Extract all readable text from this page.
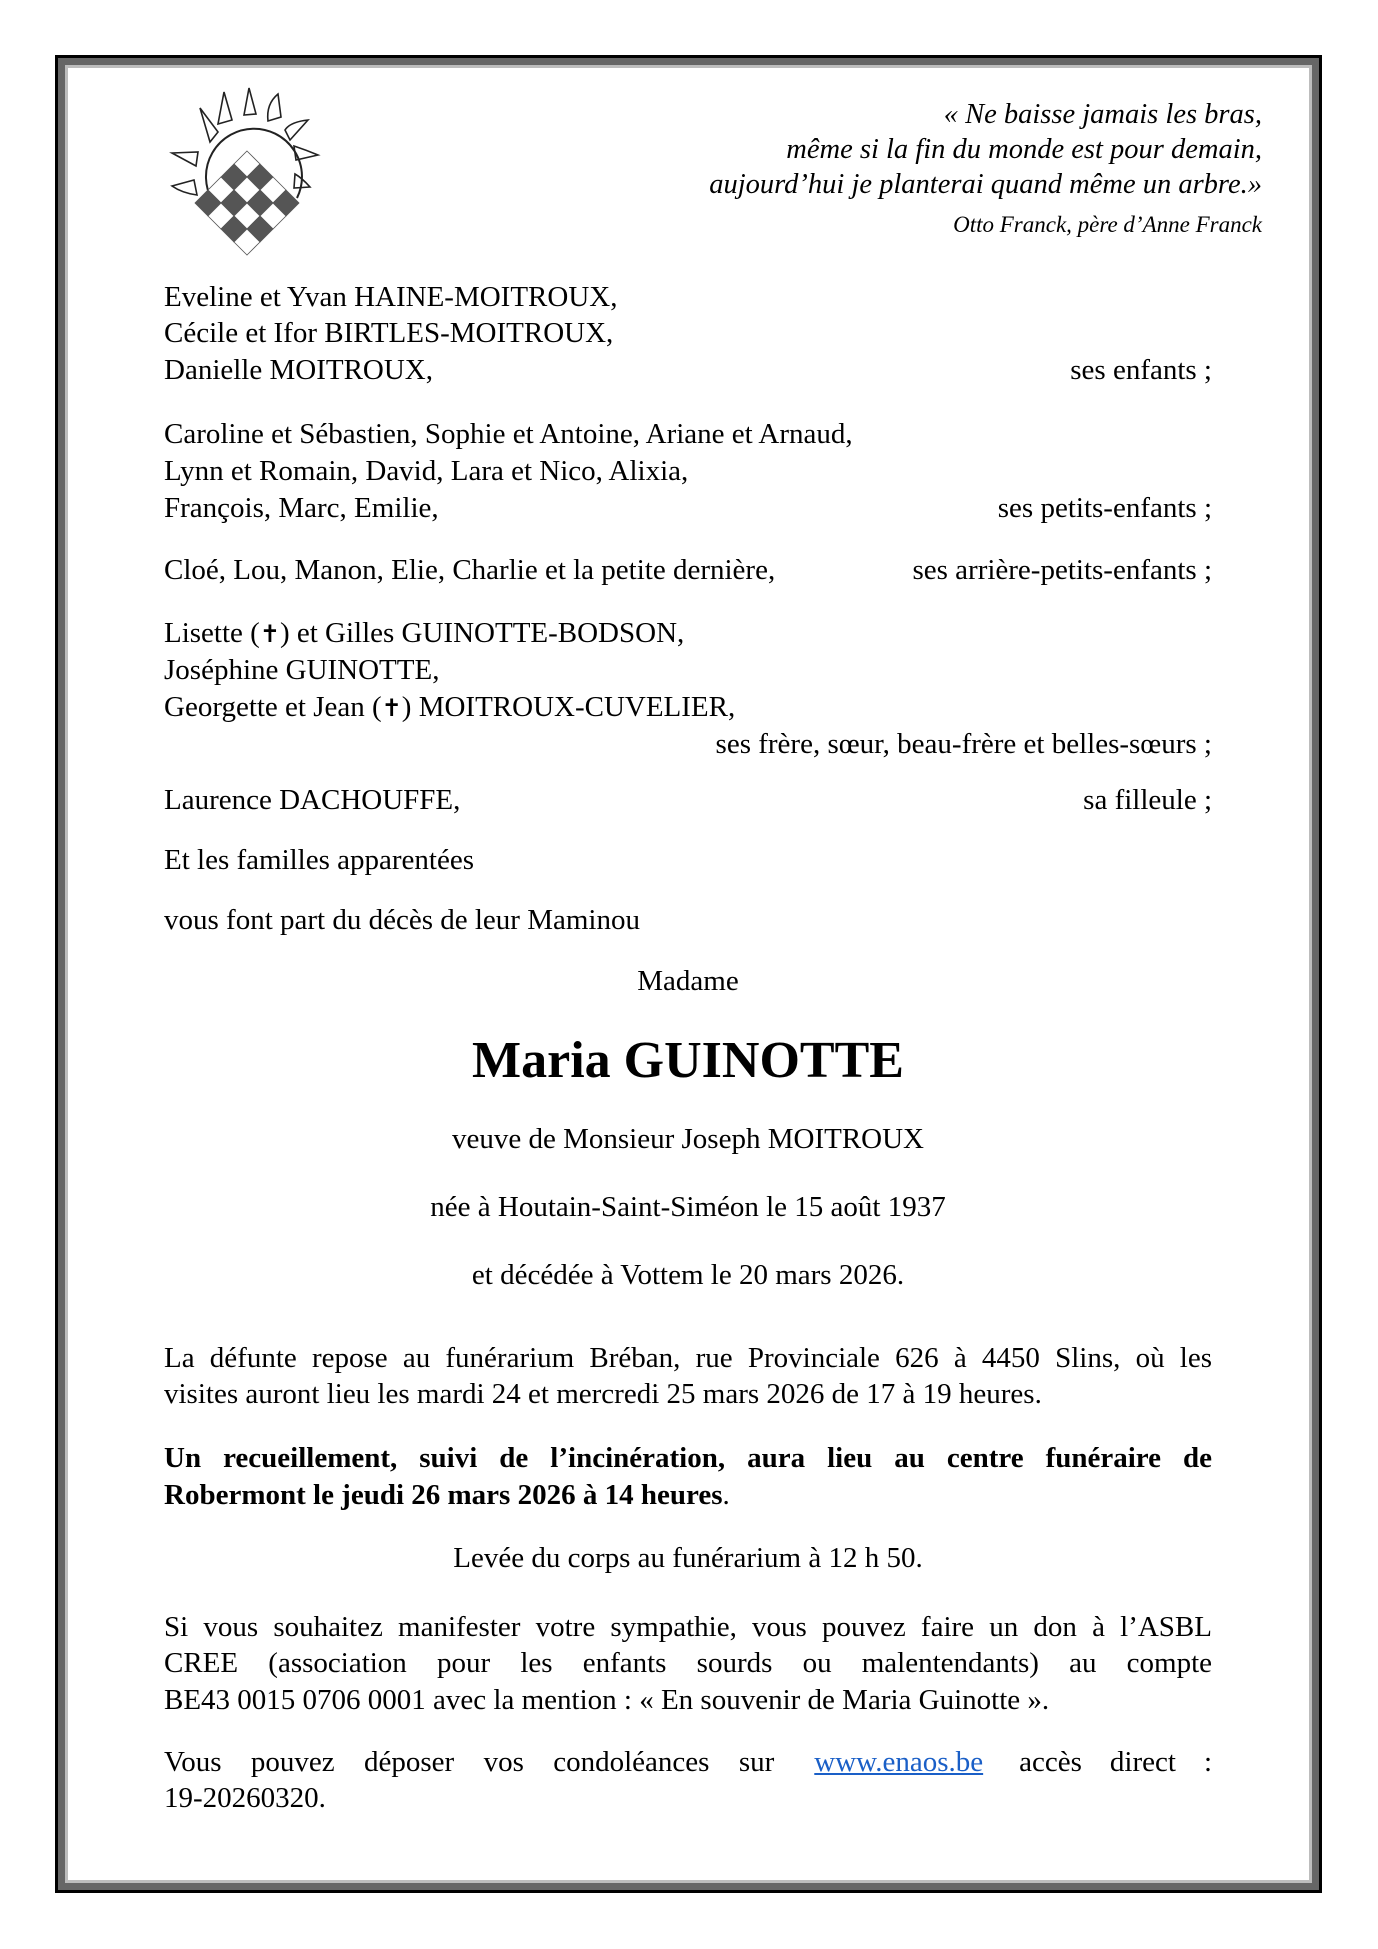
« Ne baisse jamais les bras,
même si la fin du monde est pour demain,
aujourd’hui je planterai quand même un arbre.»
Otto Franck, père d’Anne Franck
Eveline et Yvan HAINE-MOITROUX,
Cécile et Ifor BIRTLES-MOITROUX,
Danielle MOITROUX,	ses enfants ;
Caroline et Sébastien, Sophie et Antoine, Ariane et Arnaud,
Lynn et Romain, David, Lara et Nico, Alixia,
François, Marc, Emilie,	ses petits-enfants ;
Cloé, Lou, Manon, Elie, Charlie et la petite dernière,	ses arrière-petits-enfants ;
Lisette (✝) et Gilles GUINOTTE-BODSON,
Joséphine GUINOTTE,
Georgette et Jean (✝) MOITROUX-CUVELIER,
ses frère, sœur, beau-frère et belles-sœurs ;
Laurence DACHOUFFE,	sa filleule ;
Et les familles apparentées
vous font part du décès de leur Maminou
Madame
Maria GUINOTTE
veuve de Monsieur Joseph MOITROUX
née à Houtain-Saint-Siméon le 15 août 1937
et décédée à Vottem le 20 mars 2026.
La défunte repose au funérarium Bréban, rue Provinciale 626 à 4450 Slins, où les
visites auront lieu les mardi 24 et mercredi 25 mars 2026 de 17 à 19 heures.
Un recueillement, suivi de l’incinération, aura lieu au centre funéraire de
Robermont le jeudi 26 mars 2026 à 14 heures.
Levée du corps au funérarium à 12 h 50.
Si vous souhaitez manifester votre sympathie, vous pouvez faire un don à l’ASBL
CREE (association pour les enfants sourds ou malentendants) au compte
BE43 0015 0706 0001 avec la mention : « En souvenir de Maria Guinotte ».
Vous pouvez déposer vos condoléances sur www.enaos.be accès direct :
19-20260320.
